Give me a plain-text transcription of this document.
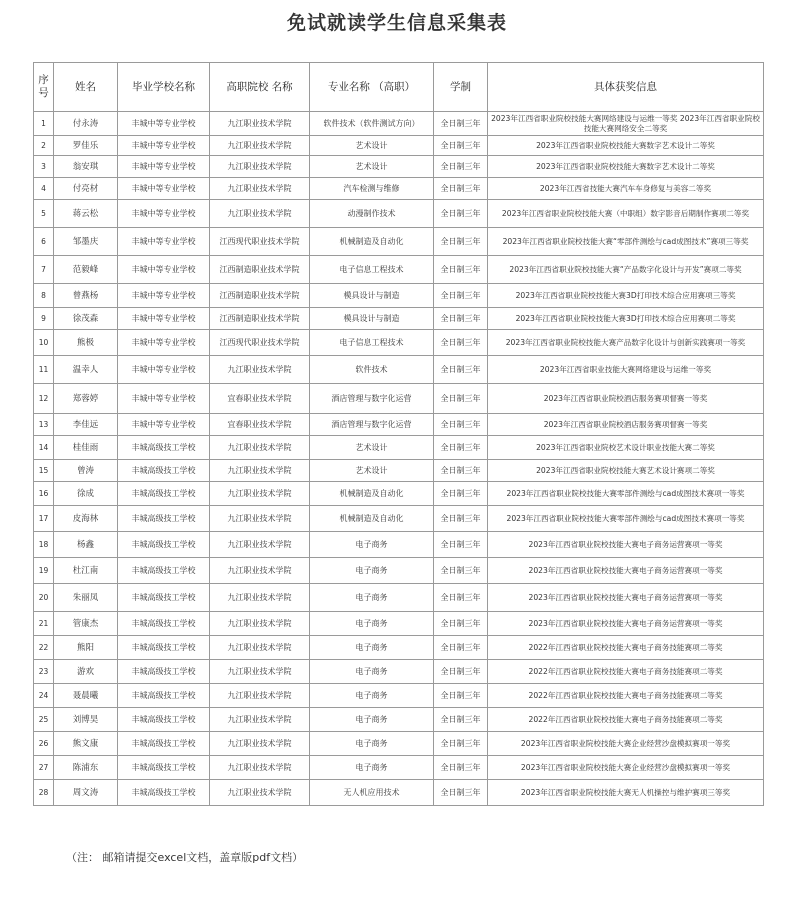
免试就读学生信息采集表
序号	姓名	毕业学校名称	高职院校 名称	专业名称 （高职）	学制	具体获奖信息
1	付永涛	丰城中等专业学校	九江职业技术学院	软件技术（软件测试方向）	全日制三年	2023年江西省职业院校技能大赛网络建设与运维一等奖 2023年江西省职业院校技能大赛网络安全二等奖
2	罗佳乐	丰城中等专业学校	九江职业技术学院	艺术设计	全日制三年	2023年江西省职业院校技能大赛数字艺术设计二等奖
3	翁安琪	丰城中等专业学校	九江职业技术学院	艺术设计	全日制三年	2023年江西省职业院校技能大赛数字艺术设计二等奖
4	付亮材	丰城中等专业学校	九江职业技术学院	汽车检测与维修	全日制三年	2023年江西省技能大赛汽车车身修复与美容二等奖
5	蒋云松	丰城中等专业学校	九江职业技术学院	动漫制作技术	全日制三年	2023年江西省职业院校技能大赛（中职组）数字影音后期制作赛项二等奖
6	邹墨庆	丰城中等专业学校	江西现代职业技术学院	机械制造及自动化	全日制三年	2023年江西省职业院校技能大赛“零部件测绘与cad成图技术”赛项三等奖
7	范毅峰	丰城中等专业学校	江西制造职业技术学院	电子信息工程技术	全日制三年	2023年江西省职业院校技能大赛“产品数字化设计与开发”赛项二等奖
8	曾燕杨	丰城中等专业学校	江西制造职业技术学院	模具设计与制造	全日制三年	2023年江西省职业院校技能大赛3D打印技术综合应用赛项三等奖
9	徐茂森	丰城中等专业学校	江西制造职业技术学院	模具设计与制造	全日制三年	2023年江西省职业院校技能大赛3D打印技术综合应用赛项二等奖
10	熊极	丰城中等专业学校	江西现代职业技术学院	电子信息工程技术	全日制三年	2023年江西省职业院校技能大赛产品数字化设计与创新实践赛项一等奖
11	温幸人	丰城中等专业学校	九江职业技术学院	软件技术	全日制三年	2023年江西省职业技能大赛网络建设与运维一等奖
12	郑蓉婷	丰城中等专业学校	宜春职业技术学院	酒店管理与数字化运营	全日制三年	2023年江西省职业院校酒店服务赛项督赛一等奖
13	李佳远	丰城中等专业学校	宜春职业技术学院	酒店管理与数字化运营	全日制三年	2023年江西省职业院校酒店服务赛项督赛一等奖
14	桂佳雨	丰城高级技工学校	九江职业技术学院	艺术设计	全日制三年	2023年江西省职业院校艺术设计职业技能大赛二等奖
15	曾涛	丰城高级技工学校	九江职业技术学院	艺术设计	全日制三年	2023年江西省职业院校技能大赛艺术设计赛项二等奖
16	徐成	丰城高级技工学校	九江职业技术学院	机械制造及自动化	全日制三年	2023年江西省职业院校技能大赛零部件测绘与cad成图技术赛项一等奖
17	皮海林	丰城高级技工学校	九江职业技术学院	机械制造及自动化	全日制三年	2023年江西省职业院校技能大赛零部件测绘与cad成图技术赛项一等奖
18	杨鑫	丰城高级技工学校	九江职业技术学院	电子商务	全日制三年	2023年江西省职业院校技能大赛电子商务运营赛项一等奖
19	杜江南	丰城高级技工学校	九江职业技术学院	电子商务	全日制三年	2023年江西省职业院校技能大赛电子商务运营赛项一等奖
20	朱丽凤	丰城高级技工学校	九江职业技术学院	电子商务	全日制三年	2023年江西省职业院校技能大赛电子商务运营赛项一等奖
21	管康杰	丰城高级技工学校	九江职业技术学院	电子商务	全日制三年	2023年江西省职业院校技能大赛电子商务运营赛项一等奖
22	熊阳	丰城高级技工学校	九江职业技术学院	电子商务	全日制三年	2022年江西省职业院校技能大赛电子商务技能赛项二等奖
23	游欢	丰城高级技工学校	九江职业技术学院	电子商务	全日制三年	2022年江西省职业院校技能大赛电子商务技能赛项二等奖
24	聂晨曦	丰城高级技工学校	九江职业技术学院	电子商务	全日制三年	2022年江西省职业院校技能大赛电子商务技能赛项二等奖
25	刘博昊	丰城高级技工学校	九江职业技术学院	电子商务	全日制三年	2022年江西省职业院校技能大赛电子商务技能赛项二等奖
26	熊文康	丰城高级技工学校	九江职业技术学院	电子商务	全日制三年	2023年江西省职业院校技能大赛企业经营沙盘模拟赛项一等奖
27	陈浦东	丰城高级技工学校	九江职业技术学院	电子商务	全日制三年	2023年江西省职业院校技能大赛企业经营沙盘模拟赛项一等奖
28	周文涛	丰城高级技工学校	九江职业技术学院	无人机应用技术	全日制三年	2023年江西省职业院校技能大赛无人机操控与维护赛项三等奖
（注： 邮箱请提交excel文档，盖章版pdf文档）
